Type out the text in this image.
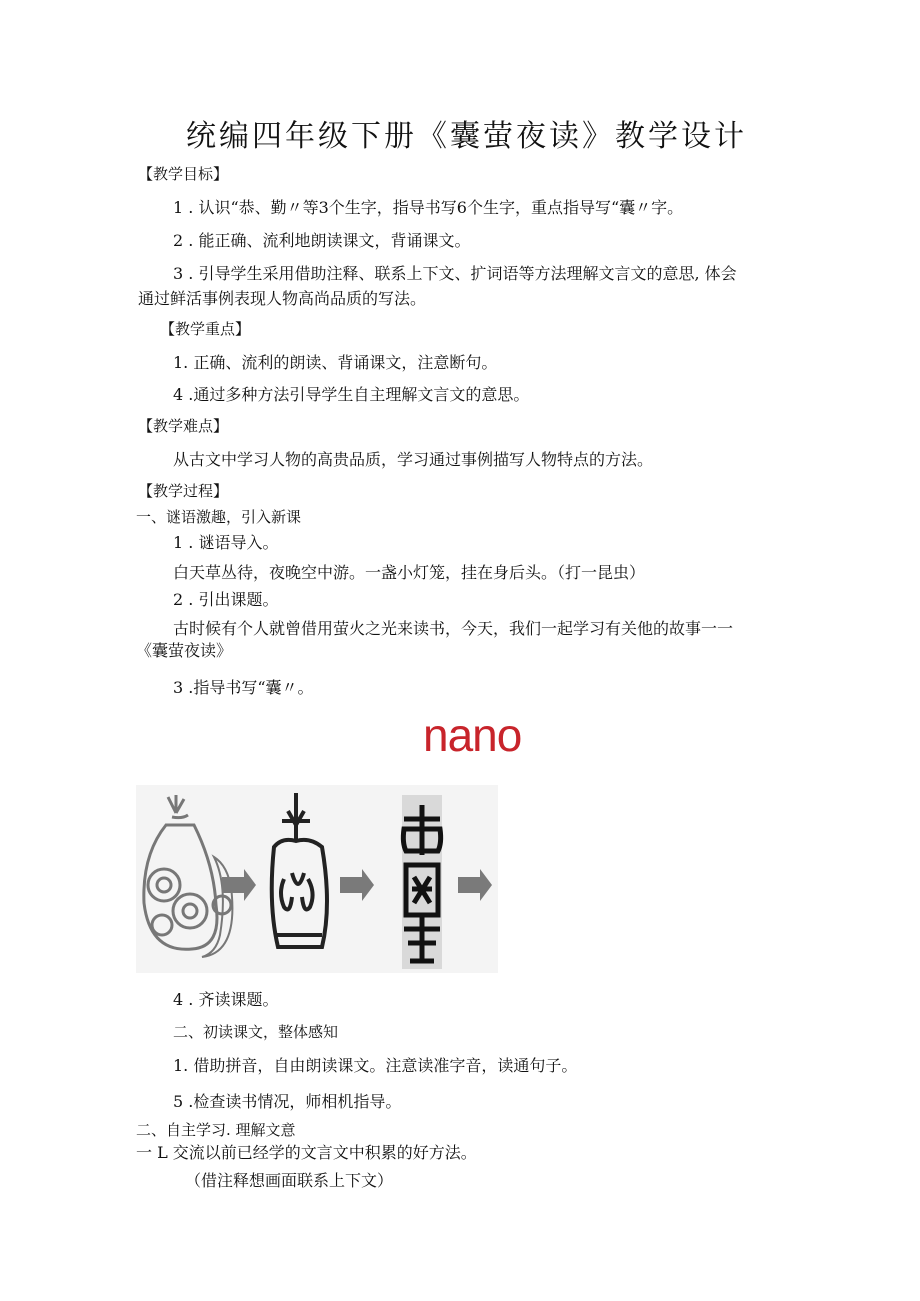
统编四年级下册《囊萤夜读》教学设计
【教学目标】
1 . 认识“恭、勤〃等3个生字，指导书写6个生字，重点指导写“囊〃字。
2 . 能正确、流利地朗读课文，背诵课文。
3 . 引导学生采用借助注释、联系上下文、扩词语等方法理解文言文的意思, 体会
通过鲜活事例表现人物高尚品质的写法。
【教学重点】
1. 正确、流利的朗读、背诵课文，注意断句。
4 .通过多种方法引导学生自主理解文言文的意思。
【教学难点】
从古文中学习人物的高贵品质，学习通过事例描写人物特点的方法。
【教学过程】
一、谜语激趣，引入新课
1 . 谜语导入。
白天草丛待，夜晚空中游。一盏小灯笼，挂在身后头。（打一昆虫）
2 . 引出课题。
古时候有个人就曾借用萤火之光来读书，今天，我们一起学习有关他的故事一一
《囊萤夜读》
3 .指导书写“囊〃。
nano
4 . 齐读课题。
二、初读课文，整体感知
1. 借助拼音，自由朗读课文。注意读准字音，读通句子。
5 .检查读书情况，师相机指导。
二、自主学习. 理解文意
一 L 交流以前已经学的文言文中积累的好方法。
（借注释想画面联系上下文）
